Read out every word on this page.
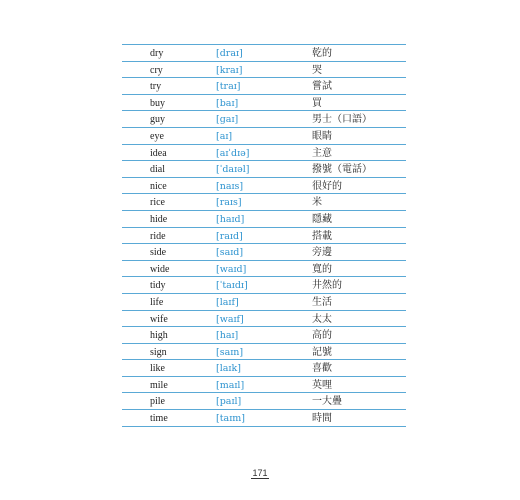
dry	[draɪ]	乾的
cry	[kraɪ]	哭
try	[traɪ]	嘗試
buy	[baɪ]	買
guy	[gaɪ]	男士（口語）
eye	[aɪ]	眼睛
idea	[aɪˈdɪə]	主意
dial	[ˈdaɪəl]	撥號（電話）
nice	[naɪs]	很好的
rice	[raɪs]	米
hide	[haɪd]	隱藏
ride	[raɪd]	搭載
side	[saɪd]	旁邊
wide	[waɪd]	寬的
tidy	[ˈtaɪdɪ]	井然的
life	[laɪf]	生活
wife	[waɪf]	太太
high	[haɪ]	高的
sign	[saɪn]	記號
like	[laɪk]	喜歡
mile	[maɪl]	英哩
pile	[paɪl]	一大疊
time	[taɪm]	時間
171
